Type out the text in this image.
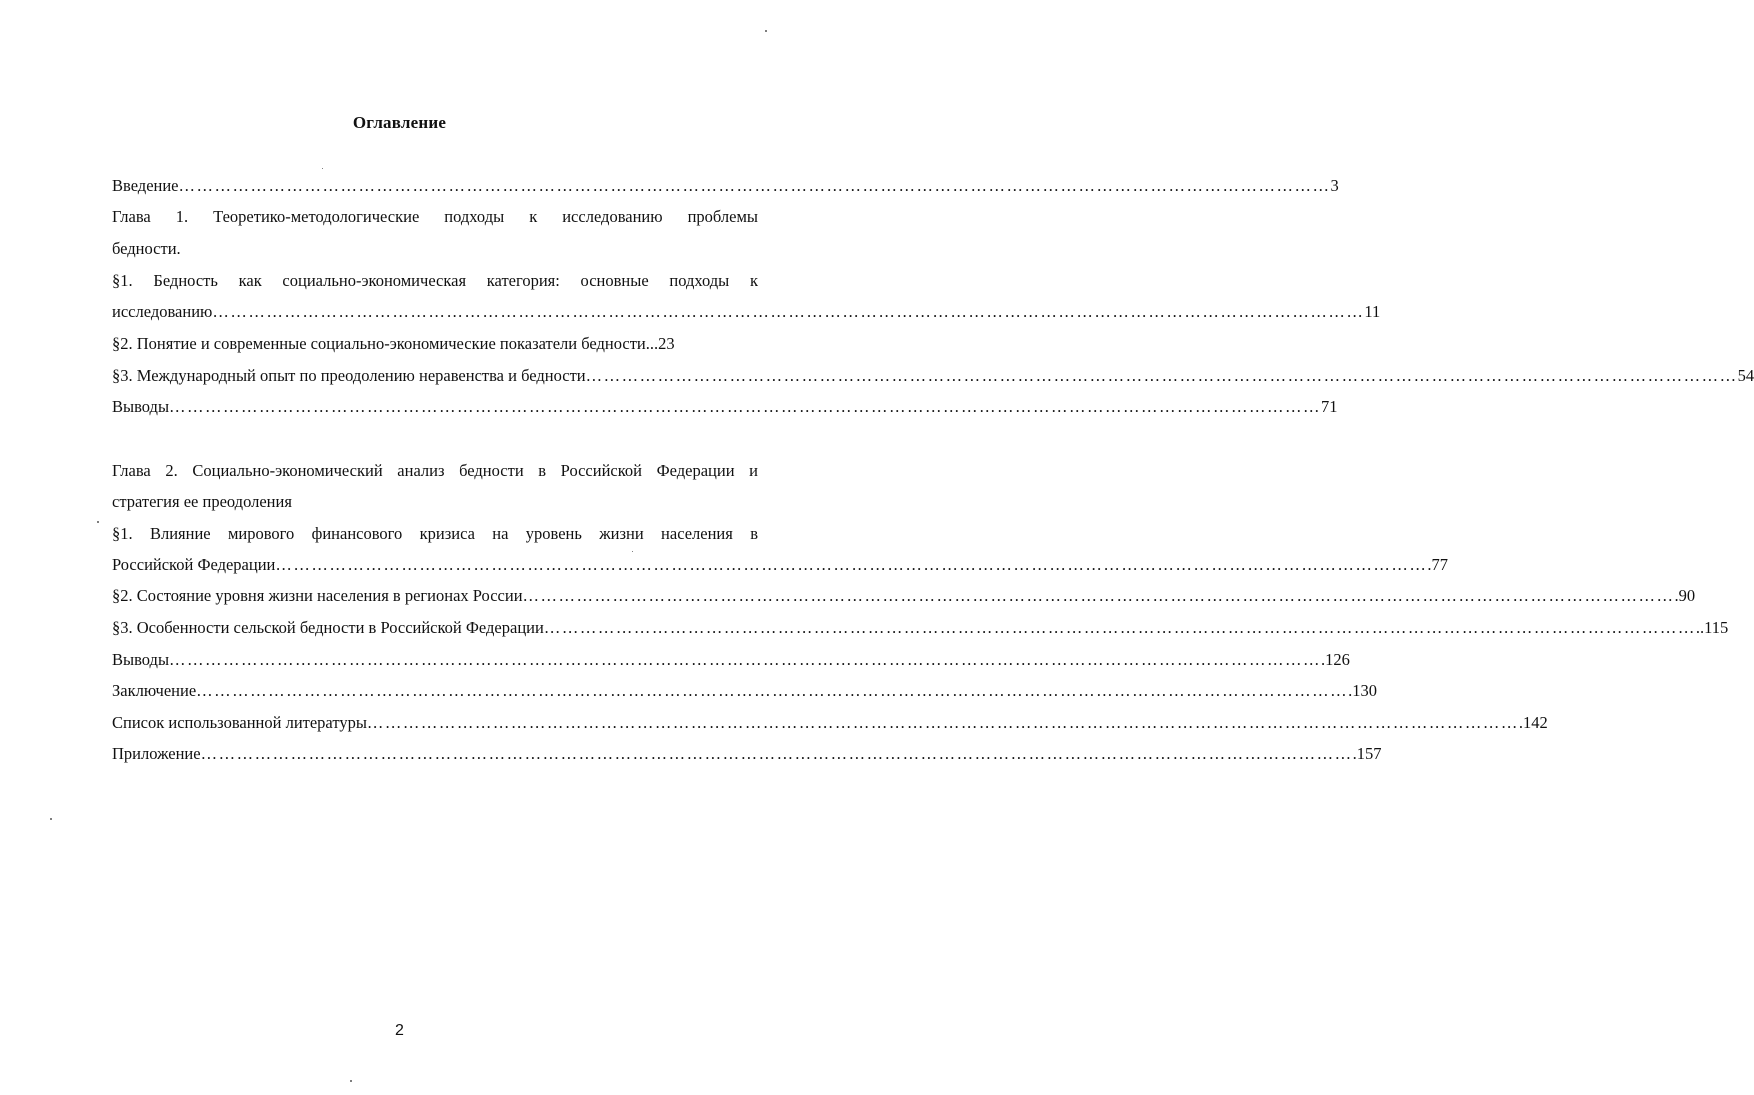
Оглавление
Введение ………………………………………………………………………………………………………………………………………………………………………… 3
Глава 1. Теоретико-методологические подходы к исследованию проблемы
бедности.
§1. Бедность как социально-экономическая категория: основные подходы к
исследованию ………………………………………………………………………………………………………………………………………………………………………… 11
§2. Понятие и современные социально-экономические показатели бедности ...23
§3. Международный опыт по преодолению неравенства и бедности ………………………………………………………………………………………………………………………………………………………………………… 54
Выводы ………………………………………………………………………………………………………………………………………………………………………… 71
Глава 2. Социально-экономический анализ бедности в Российской Федерации и
стратегия ее преодоления
§1. Влияние мирового финансового кризиса на уровень жизни населения в
Российской Федерации ………………………………………………………………………………………………………………………………………………………………………… .77
§2. Состояние уровня жизни населения в регионах России ………………………………………………………………………………………………………………………………………………………………………… .90
§3. Особенности сельской бедности в Российской Федерации ………………………………………………………………………………………………………………………………………………………………………… ..115
Выводы ………………………………………………………………………………………………………………………………………………………………………… .126
Заключение ………………………………………………………………………………………………………………………………………………………………………… .130
Список использованной литературы ………………………………………………………………………………………………………………………………………………………………………… .142
Приложение ………………………………………………………………………………………………………………………………………………………………………… .157
2
